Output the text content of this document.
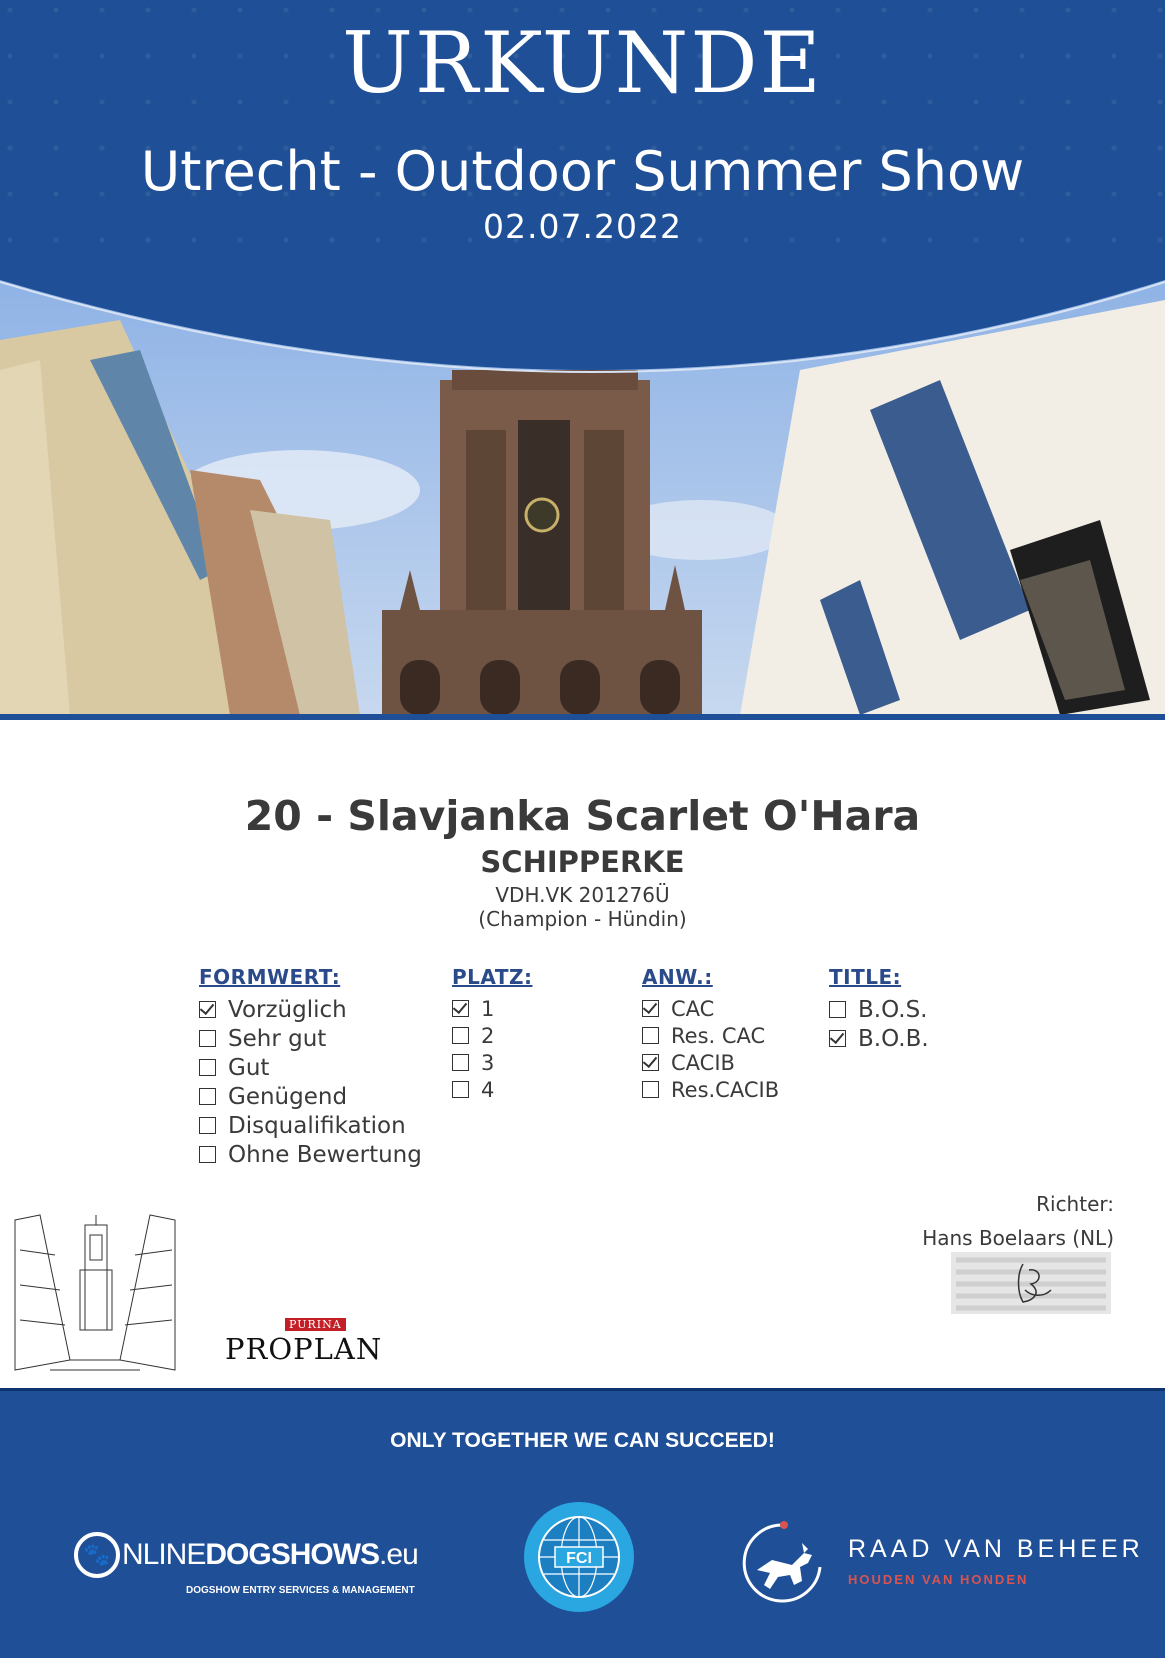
URKUNDE
Utrecht - Outdoor Summer Show
02.07.2022
20 - Slavjanka Scarlet O'Hara
SCHIPPERKE
VDH.VK 201276Ü
(Champion - Hündin)
FORMWERT:
Vorzüglich
Sehr gut
Gut
Genügend
Disqualifikation
Ohne Bewertung
PLATZ:
1
2
3
4
ANW.:
CAC
Res. CAC
CACIB
Res.CACIB
TITLE:
B.O.S.
B.O.B.
Richter:
Hans Boelaars (NL)
PURINA
PROPLAN
ONLY TOGETHER WE CAN SUCCEED!
🐾 NLINEDOGSHOWS.eu
DOGSHOW ENTRY SERVICES & MANAGEMENT
FCI	RAAD VAN BEHEER
HOUDEN VAN HONDEN
